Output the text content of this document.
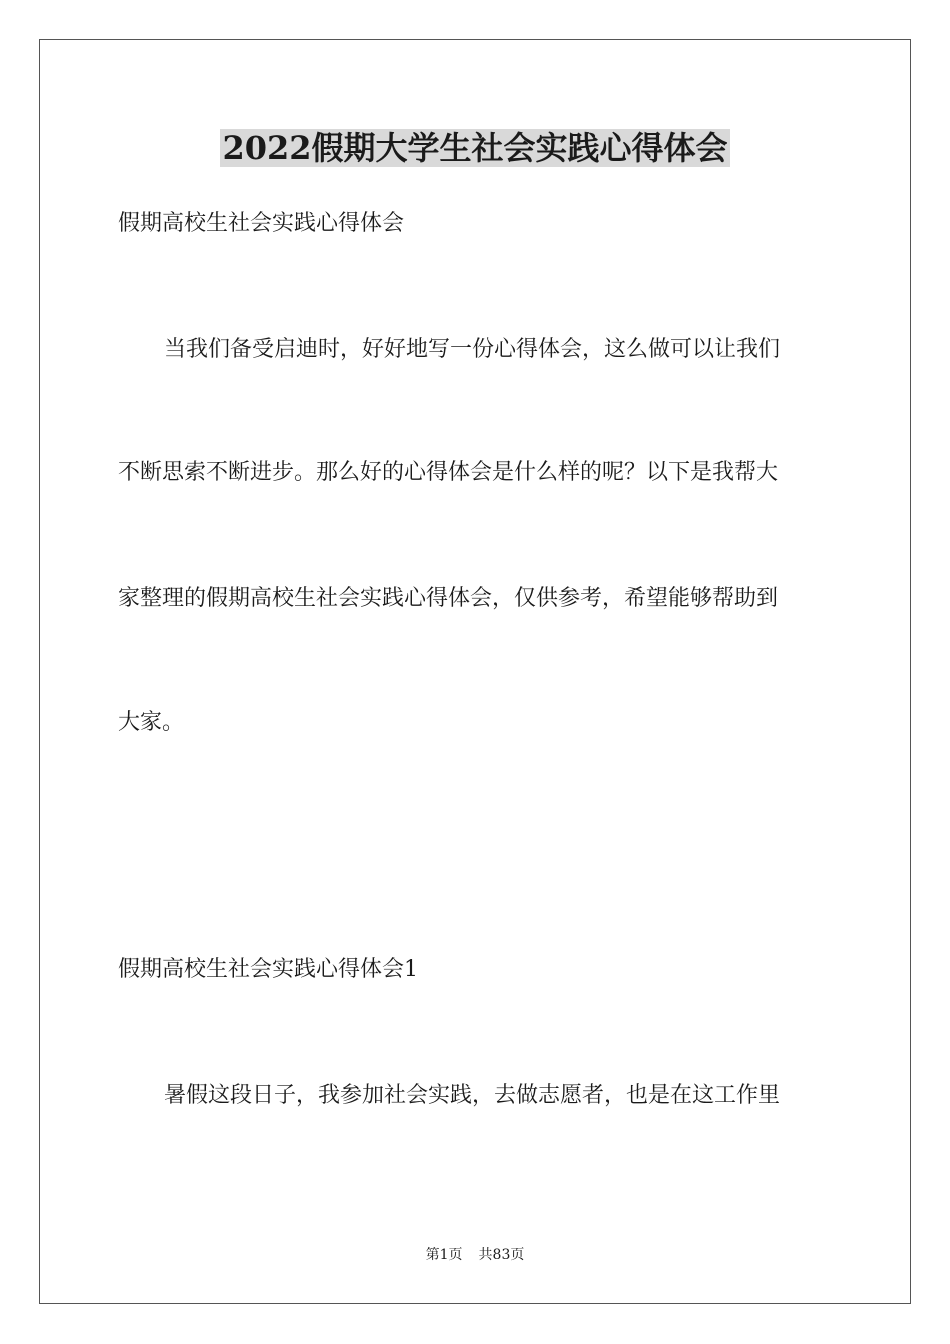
2022假期大学生社会实践心得体会

假期高校生社会实践心得体会

当我们备受启迪时，好好地写一份心得体会，这么做可以让我们

不断思索不断进步。那么好的心得体会是什么样的呢？以下是我帮大

家整理的假期高校生社会实践心得体会，仅供参考，希望能够帮助到

大家。

假期高校生社会实践心得体会1

暑假这段日子，我参加社会实践，去做志愿者，也是在这工作里

第1页 共83页
